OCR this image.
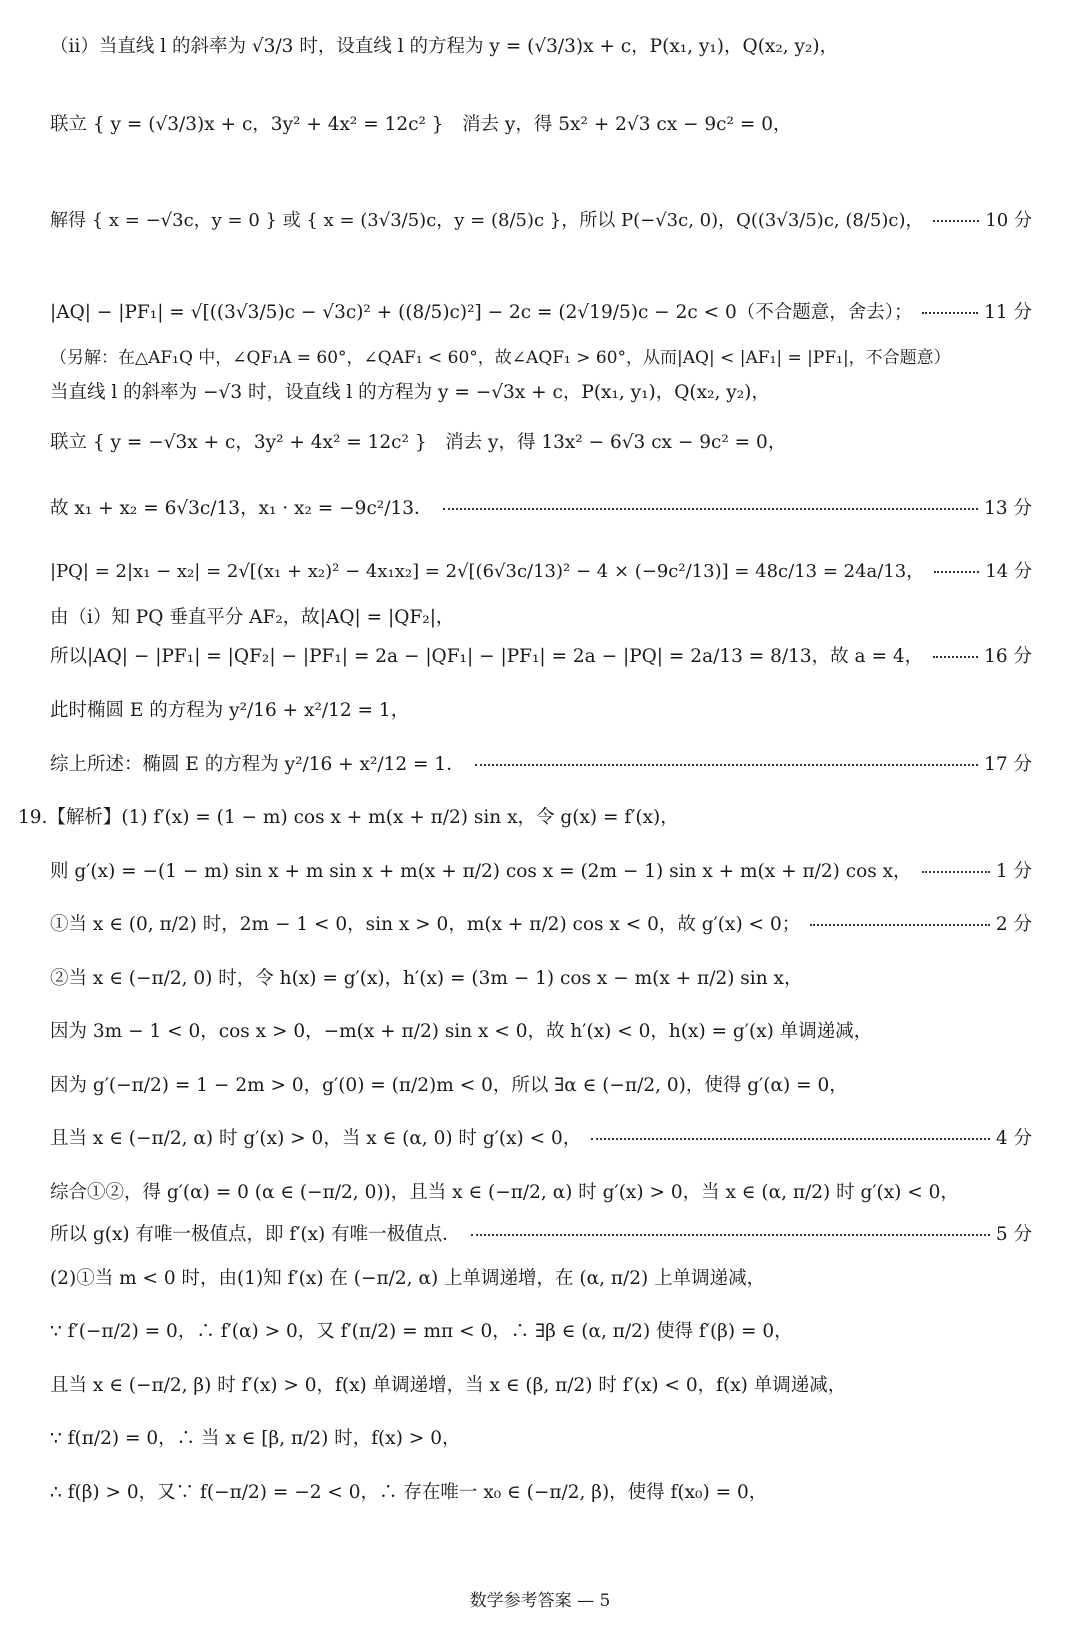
（ⅱ）当直线 l 的斜率为 √3/3 时，设直线 l 的方程为 y = (√3/3)x + c，P(x₁, y₁)，Q(x₂, y₂)，
联立 { y = (√3/3)x + c，3y² + 4x² = 12c² }　消去 y，得 5x² + 2√3 cx − 9c² = 0，
解得 { x = −√3c，y = 0 } 或 { x = (3√3/5)c，y = (8/5)c }，所以 P(−√3c, 0)，Q((3√3/5)c, (8/5)c)，	10 分
|AQ| − |PF₁| = √[((3√3/5)c − √3c)² + ((8/5)c)²] − 2c = (2√19/5)c − 2c < 0（不合题意，舍去）；	11 分
（另解：在△AF₁Q 中，∠QF₁A = 60°，∠QAF₁ < 60°，故∠AQF₁ > 60°，从而|AQ| < |AF₁| = |PF₁|，不合题意）
当直线 l 的斜率为 −√3 时，设直线 l 的方程为 y = −√3x + c，P(x₁, y₁)，Q(x₂, y₂)，
联立 { y = −√3x + c，3y² + 4x² = 12c² }　消去 y，得 13x² − 6√3 cx − 9c² = 0，
故 x₁ + x₂ = 6√3c/13，x₁ · x₂ = −9c²/13．	13 分
|PQ| = 2|x₁ − x₂| = 2√[(x₁ + x₂)² − 4x₁x₂] = 2√[(6√3c/13)² − 4 × (−9c²/13)] = 48c/13 = 24a/13，	14 分
由（ⅰ）知 PQ 垂直平分 AF₂，故|AQ| = |QF₂|，
所以|AQ| − |PF₁| = |QF₂| − |PF₁| = 2a − |QF₁| − |PF₁| = 2a − |PQ| = 2a/13 = 8/13，故 a = 4，	16 分
此时椭圆 E 的方程为 y²/16 + x²/12 = 1，
综上所述：椭圆 E 的方程为 y²/16 + x²/12 = 1．	17 分
19.【解析】(1) f′(x) = (1 − m) cos x + m(x + π/2) sin x，令 g(x) = f′(x)，
则 g′(x) = −(1 − m) sin x + m sin x + m(x + π/2) cos x = (2m − 1) sin x + m(x + π/2) cos x，	1 分
①当 x ∈ (0, π/2) 时，2m − 1 < 0，sin x > 0，m(x + π/2) cos x < 0，故 g′(x) < 0；	2 分
②当 x ∈ (−π/2, 0) 时，令 h(x) = g′(x)，h′(x) = (3m − 1) cos x − m(x + π/2) sin x，
因为 3m − 1 < 0，cos x > 0，−m(x + π/2) sin x < 0，故 h′(x) < 0，h(x) = g′(x) 单调递减，
因为 g′(−π/2) = 1 − 2m > 0，g′(0) = (π/2)m < 0，所以 ∃α ∈ (−π/2, 0)，使得 g′(α) = 0，
且当 x ∈ (−π/2, α) 时 g′(x) > 0，当 x ∈ (α, 0) 时 g′(x) < 0，	4 分
综合①②，得 g′(α) = 0 (α ∈ (−π/2, 0))，且当 x ∈ (−π/2, α) 时 g′(x) > 0，当 x ∈ (α, π/2) 时 g′(x) < 0，
所以 g(x) 有唯一极值点，即 f′(x) 有唯一极值点．	5 分
(2)①当 m < 0 时，由(1)知 f′(x) 在 (−π/2, α) 上单调递增，在 (α, π/2) 上单调递减，
∵ f′(−π/2) = 0，∴ f′(α) > 0，又 f′(π/2) = mπ < 0，∴ ∃β ∈ (α, π/2) 使得 f′(β) = 0，
且当 x ∈ (−π/2, β) 时 f′(x) > 0，f(x) 单调递增，当 x ∈ (β, π/2) 时 f′(x) < 0，f(x) 单调递减，
∵ f(π/2) = 0，∴ 当 x ∈ [β, π/2) 时，f(x) > 0，
∴ f(β) > 0，又∵ f(−π/2) = −2 < 0，∴ 存在唯一 x₀ ∈ (−π/2, β)，使得 f(x₀) = 0，
数学参考答案 — 5
